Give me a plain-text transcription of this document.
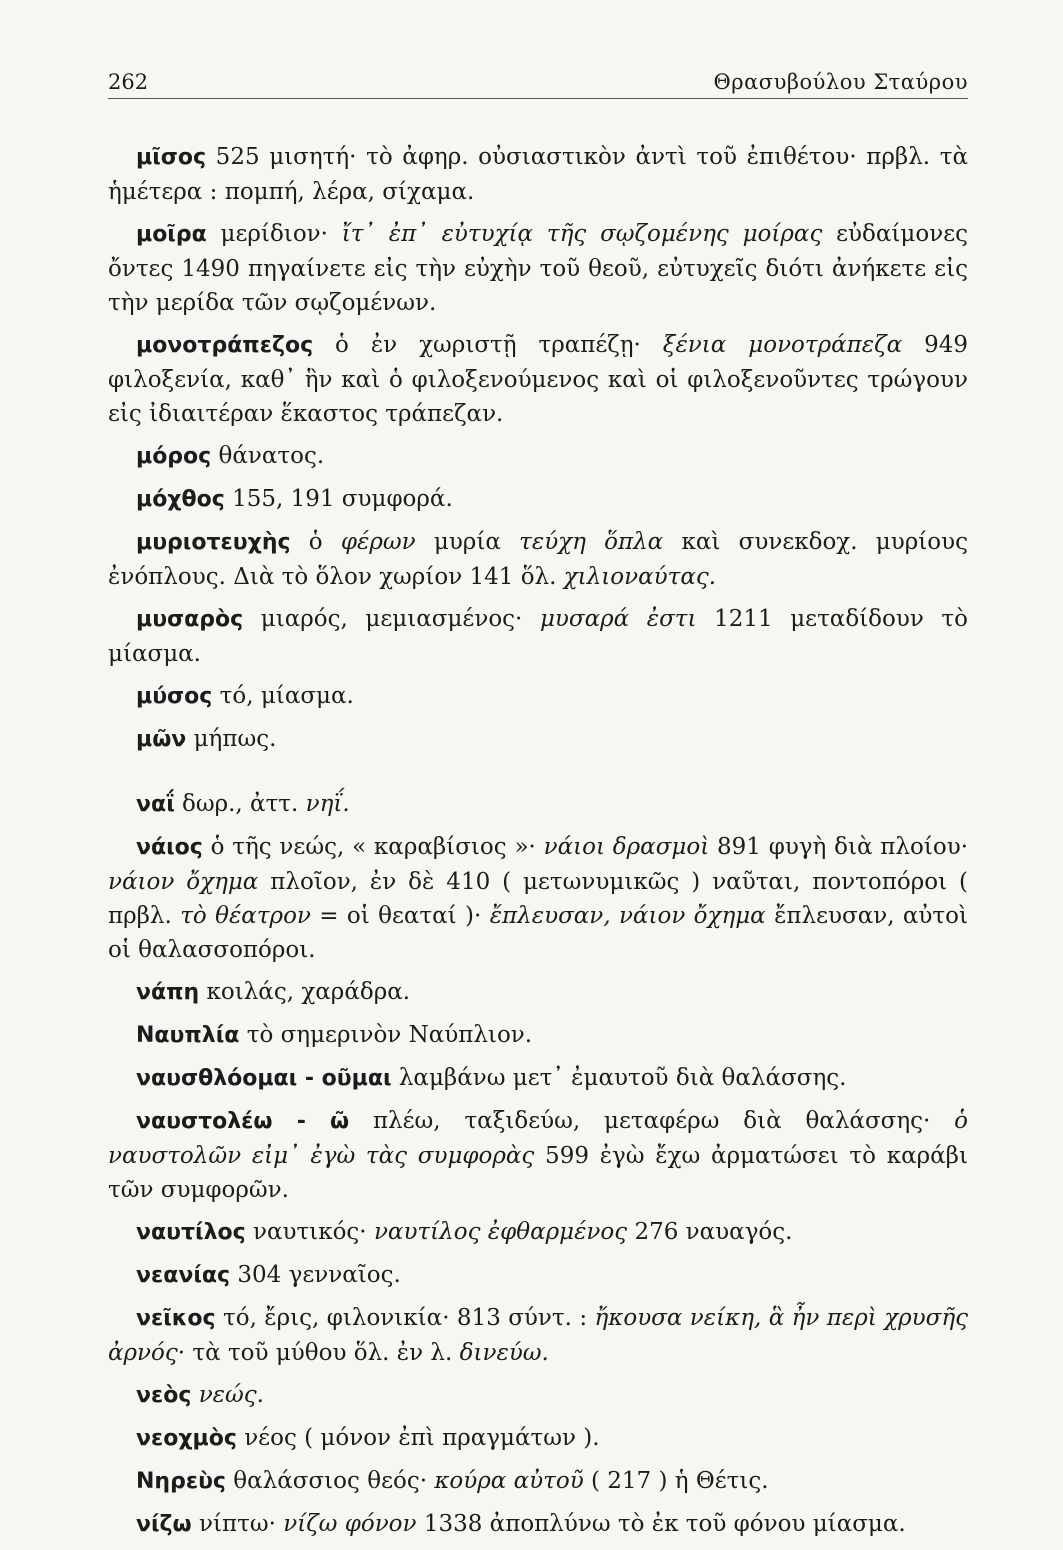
262	Θρασυβούλου Σταύρου

μῖσος 525 μισητή· τὸ ἀφηρ. οὐσιαστικὸν ἀντὶ τοῦ ἐπιθέτου· πρβλ. τὰ ἡμέτερα : πομπή, λέρα, σίχαμα.

μοῖρα μερίδιον· ἴτ᾿ ἐπ᾿ εὐτυχίᾳ τῆς σῳζομένης μοίρας εὐδαίμονες ὄντες 1490 πηγαίνετε εἰς τὴν εὐχὴν τοῦ θεοῦ, εὐτυχεῖς διότι ἀνήκετε εἰς τὴν μερίδα τῶν σῳζομένων.

μονοτράπεζος ὁ ἐν χωριστῇ τραπέζῃ· ξένια μονοτράπεζα 949 φιλοξενία, καθ᾿ ἣν καὶ ὁ φιλοξενούμενος καὶ οἱ φιλοξενοῦντες τρώγουν εἰς ἰδιαιτέραν ἕκαστος τράπεζαν.

μόρος θάνατος.

μόχθος 155, 191 συμφορά.

μυριοτευχὴς ὁ φέρων μυρία τεύχη ὅπλα καὶ συνεκδοχ. μυρίους ἐνόπλους. Διὰ τὸ ὅλον χωρίον 141 ὅλ. χιλιοναύτας.

μυσαρὸς μιαρός, μεμιασμένος· μυσαρά ἐστι 1211 μεταδίδουν τὸ μίασμα.

μύσος τό, μίασμα.

μῶν μήπως.

ναΐ δωρ., ἀττ. νηΐ.

νάιος ὁ τῆς νεώς, « καραβίσιος »· νάιοι δρασμοὶ 891 φυγὴ διὰ πλοίου· νάιον ὄχημα πλοῖον, ἐν δὲ 410 ( μετωνυμικῶς ) ναῦται, ποντοπόροι ( πρβλ. τὸ θέατρον = οἱ θεαταί )· ἔπλευσαν, νάιον ὄχημα ἔπλευσαν, αὐτοὶ οἱ θαλασσοπόροι.

νάπη κοιλάς, χαράδρα.

Ναυπλία τὸ σημερινὸν Ναύπλιον.

ναυσθλόομαι - οῦμαι λαμβάνω μετ᾿ ἐμαυτοῦ διὰ θαλάσσης.

ναυστολέω - ῶ πλέω, ταξιδεύω, μεταφέρω διὰ θαλάσσης· ὁ ναυστολῶν εἰμ᾿ ἐγὼ τὰς συμφορὰς 599 ἐγὼ ἔχω ἀρματώσει τὸ καράβι τῶν συμφορῶν.

ναυτίλος ναυτικός· ναυτίλος ἐφθαρμένος 276 ναυαγός.

νεανίας 304 γενναῖος.

νεῖκος τό, ἔρις, φιλονικία· 813 σύντ. : ἤκουσα νείκη, ἃ ἦν περὶ χρυσῆς ἀρνός· τὰ τοῦ μύθου ὅλ. ἐν λ. δινεύω.

νεὸς νεώς.

νεοχμὸς νέος ( μόνον ἐπὶ πραγμάτων ).

Νηρεὺς θαλάσσιος θεός· κούρα αὐτοῦ ( 217 ) ἡ Θέτις.

νίζω νίπτω· νίζω φόνον 1338 ἀποπλύνω τὸ ἐκ τοῦ φόνου μίασμα.
